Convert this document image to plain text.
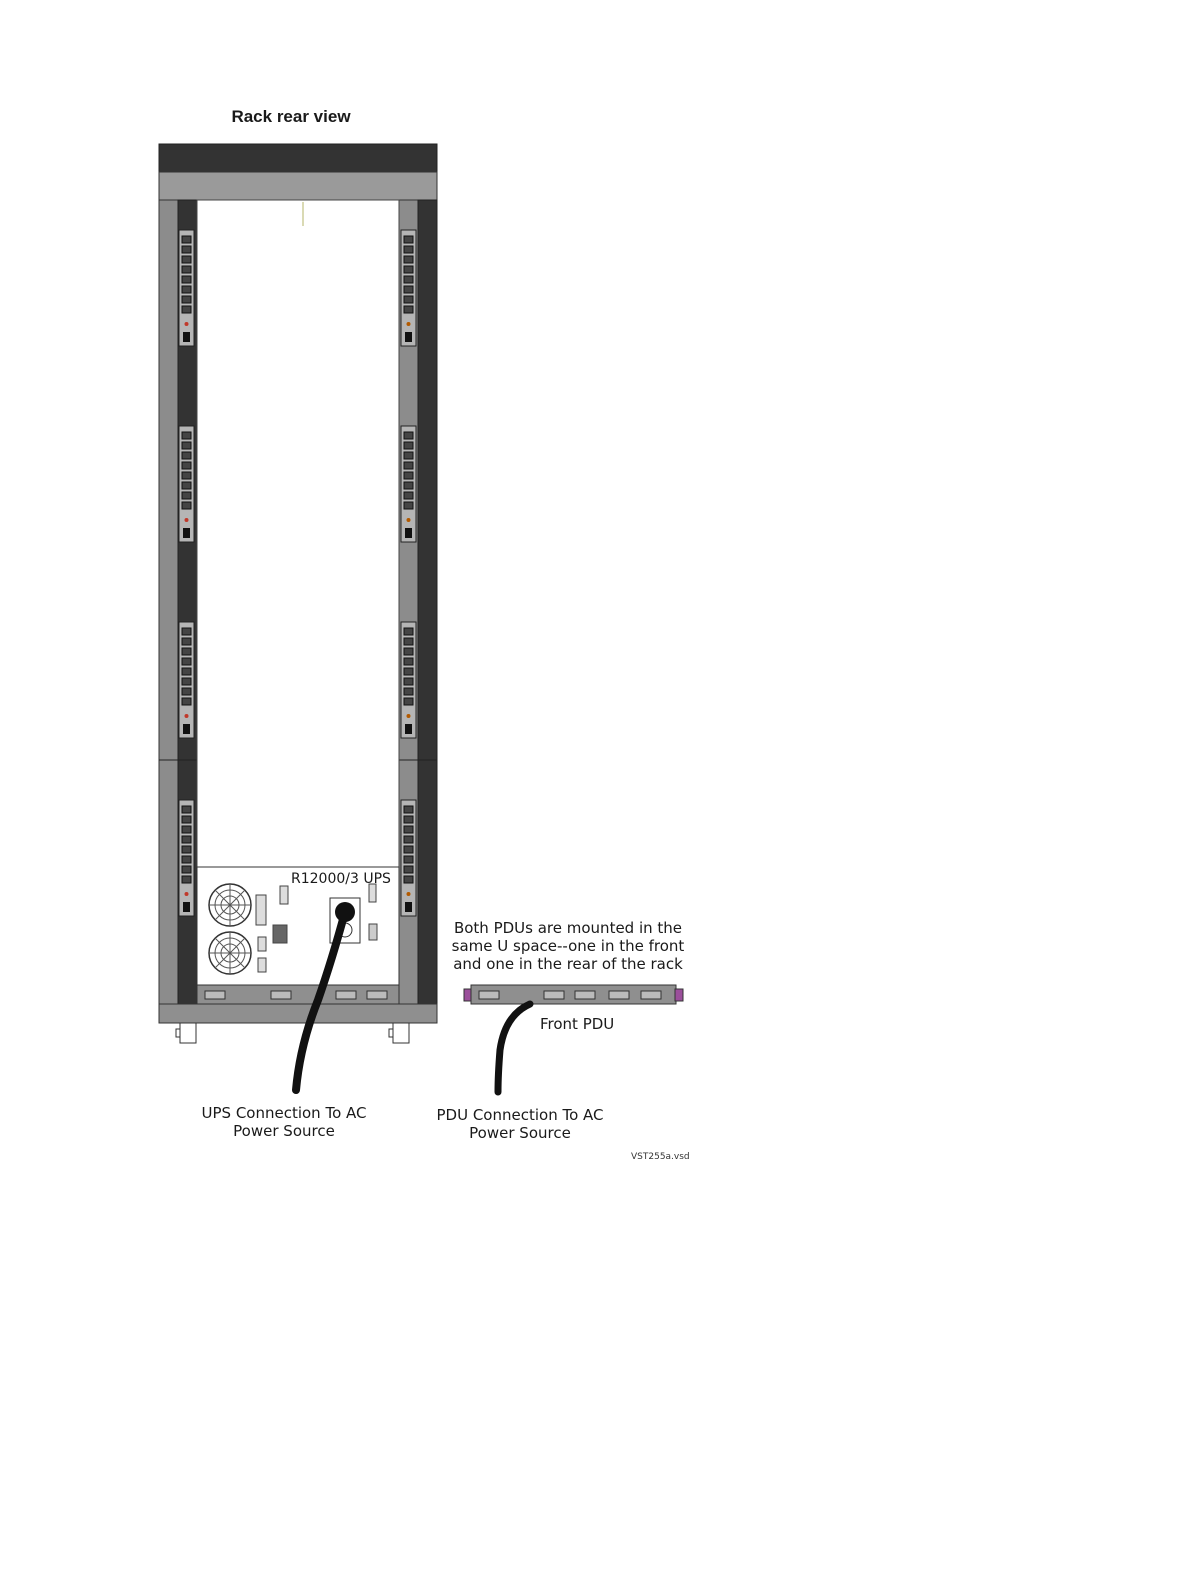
Rack rear view
R12000/3 UPS
Both PDUs are mounted in the
same U space--one in the front
and one in the rear of the rack
Front PDU
UPS Connection To AC
Power Source
PDU Connection To AC
Power Source
VST255a.vsd
